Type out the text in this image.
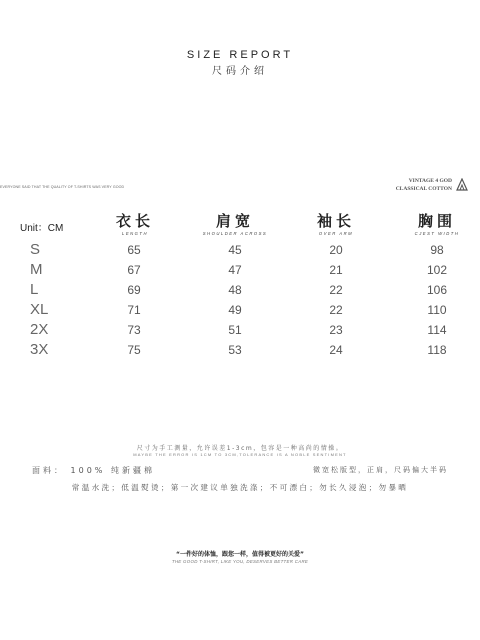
SIZE REPORT
尺码介绍
EVERYONE SAID THAT THE QUALITY OF T-SHIRTS WAS VERY GOOD
VINTAGE 4 GOD
CLASSICAL COTTON
Unit：CM	衣长
LENGTH
肩宽
SHOULDER ACROSS
袖长
OVER ARM
胸围
CJEST WIDTH
S
M
L
XL
2X
3X
65
67
69
71
73
75
45
47
48
49
51
53
20
21
22
22
23
24
98
102
106
110
114
118
尺寸为手工测量，允许误差1-3cm，包容是一种高尚的情操。
MAYBE THE ERROR IS 1CM TO 3CM,TOLERANCE IS A NOBLE SENTIMENT
面料： 100% 纯新疆棉	微宽松版型，正肩，尺码偏大半码
常温水洗；低温熨烫；第一次建议单独洗涤；不可漂白；勿长久浸泡；勿暴晒
“一件好的体恤，跟您一样，值得被更好的关爱”
THE GOOD T-SHIRT, LIKE YOU, DESERVES BETTER CARE
